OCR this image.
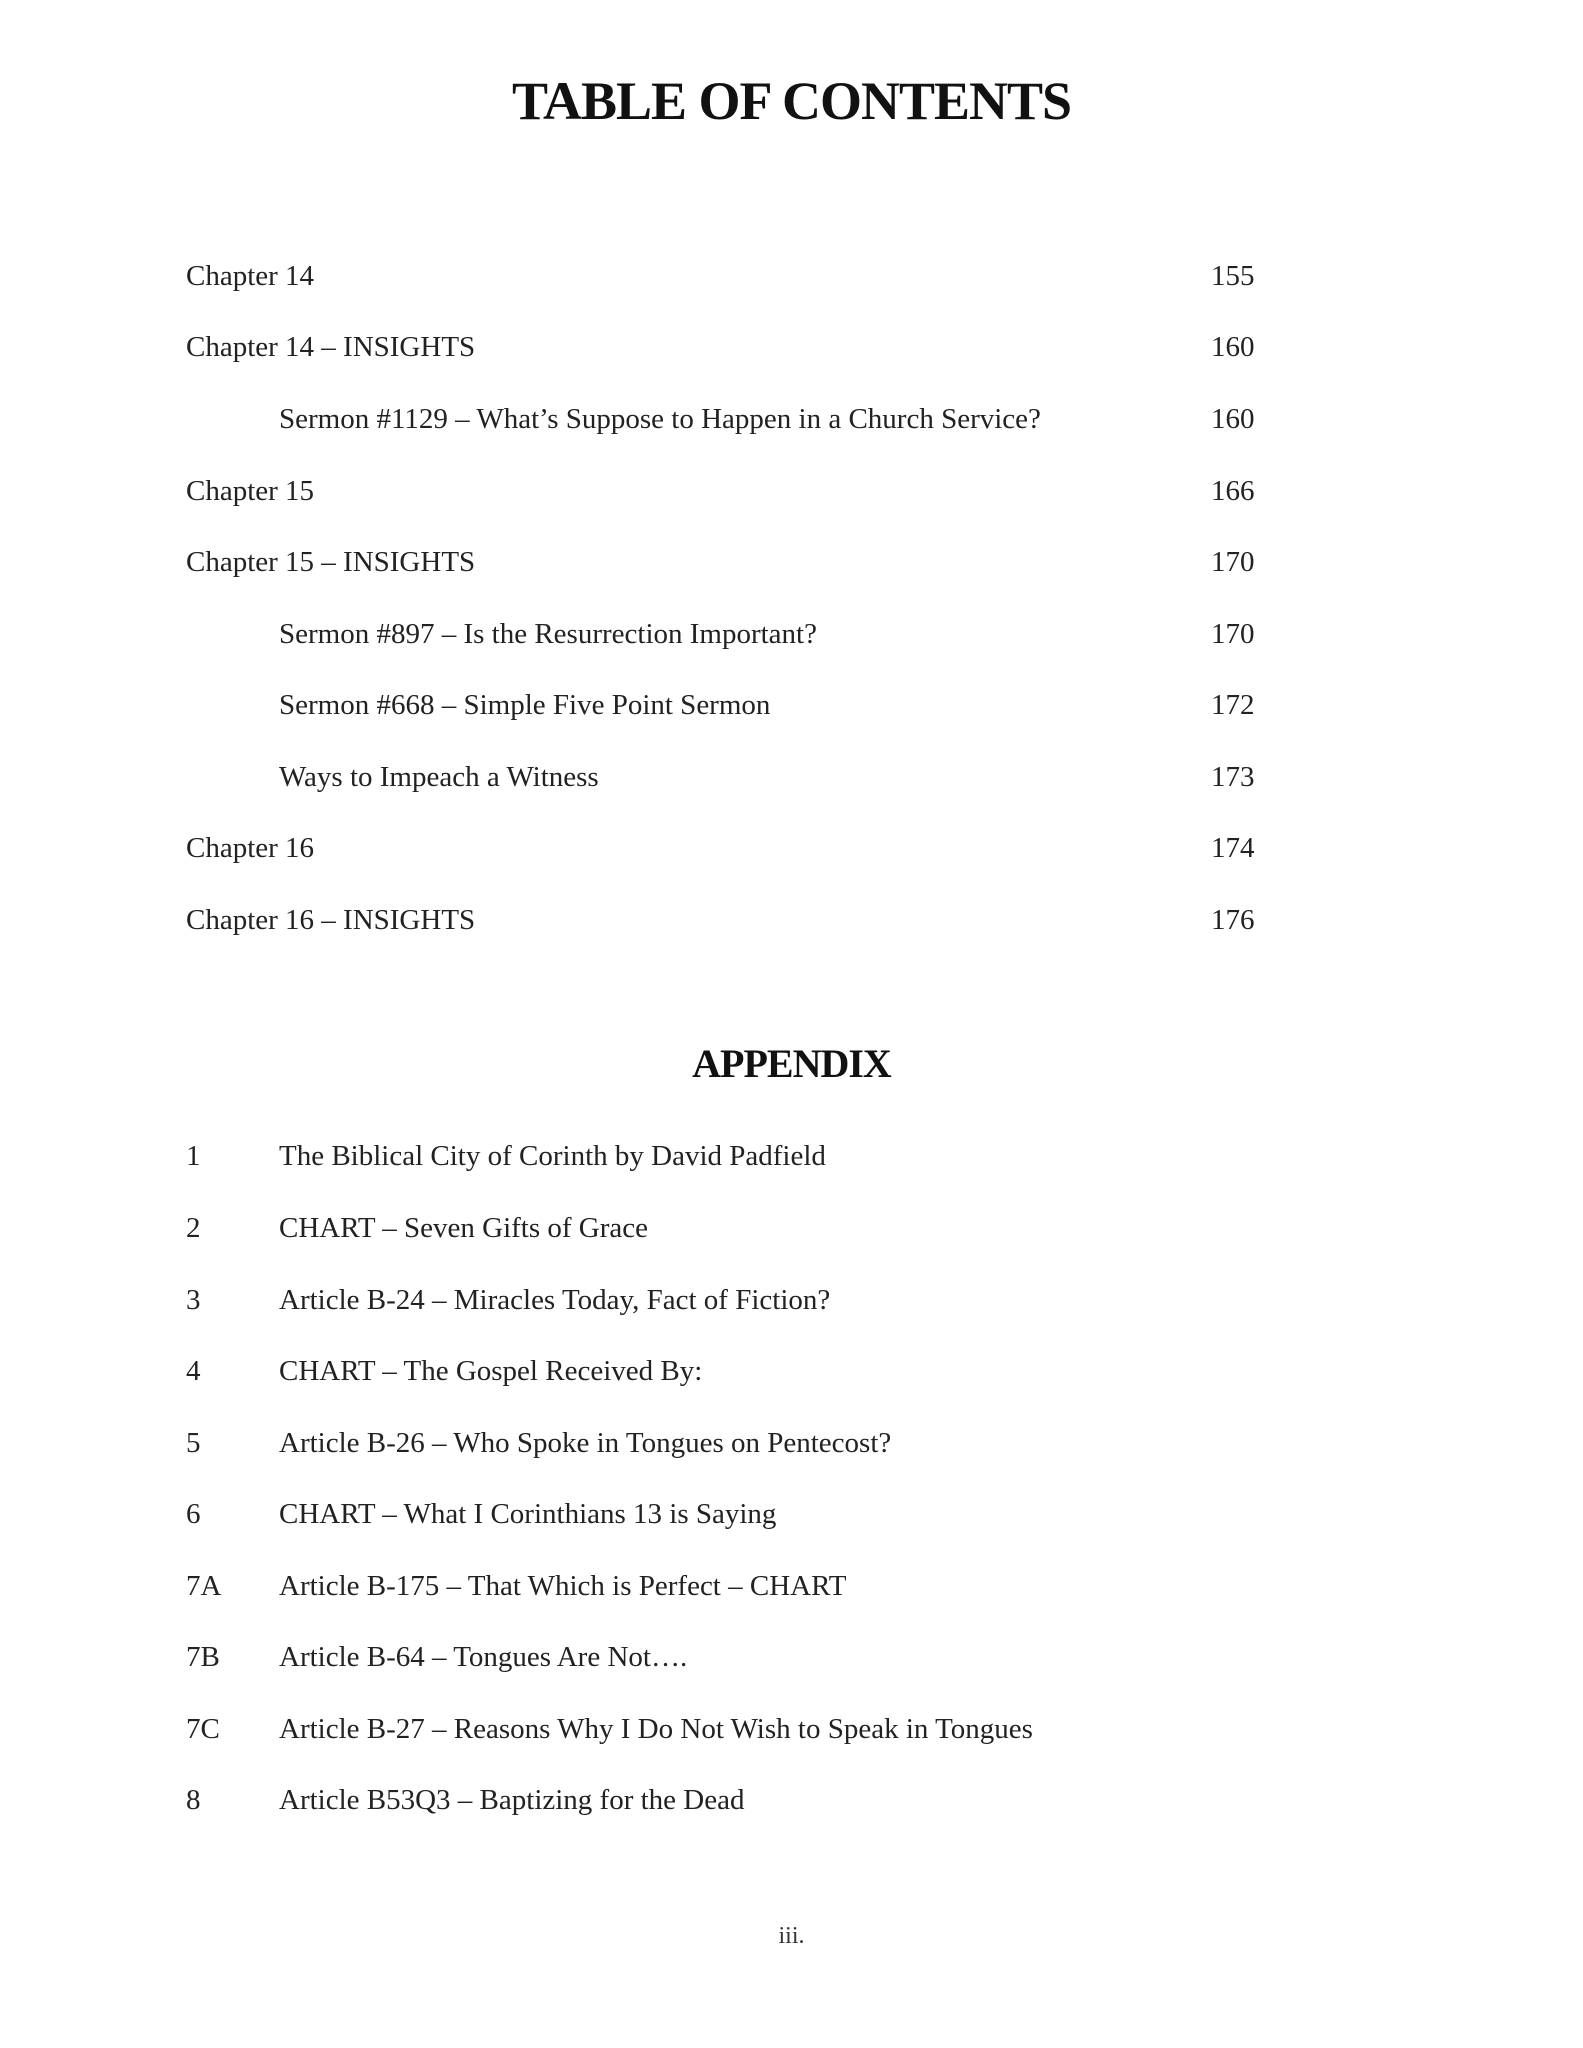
TABLE OF CONTENTS
Chapter 14	155
Chapter 14 – INSIGHTS	160
Sermon #1129 – What’s Suppose to Happen in a Church Service?	160
Chapter 15	166
Chapter 15 – INSIGHTS	170
Sermon #897 – Is the Resurrection Important?	170
Sermon #668 – Simple Five Point Sermon	172
Ways to Impeach a Witness	173
Chapter 16	174
Chapter 16 – INSIGHTS	176
APPENDIX
1	The Biblical City of Corinth by David Padfield
2	CHART – Seven Gifts of Grace
3	Article B-24 – Miracles Today, Fact of Fiction?
4	CHART – The Gospel Received By:
5	Article B-26 – Who Spoke in Tongues on Pentecost?
6	CHART – What I Corinthians 13 is Saying
7A Article B-175 – That Which is Perfect – CHART
7B Article B-64 – Tongues Are Not….
7C Article B-27 – Reasons Why I Do Not Wish to Speak in Tongues
8	Article B53Q3 – Baptizing for the Dead
iii.
